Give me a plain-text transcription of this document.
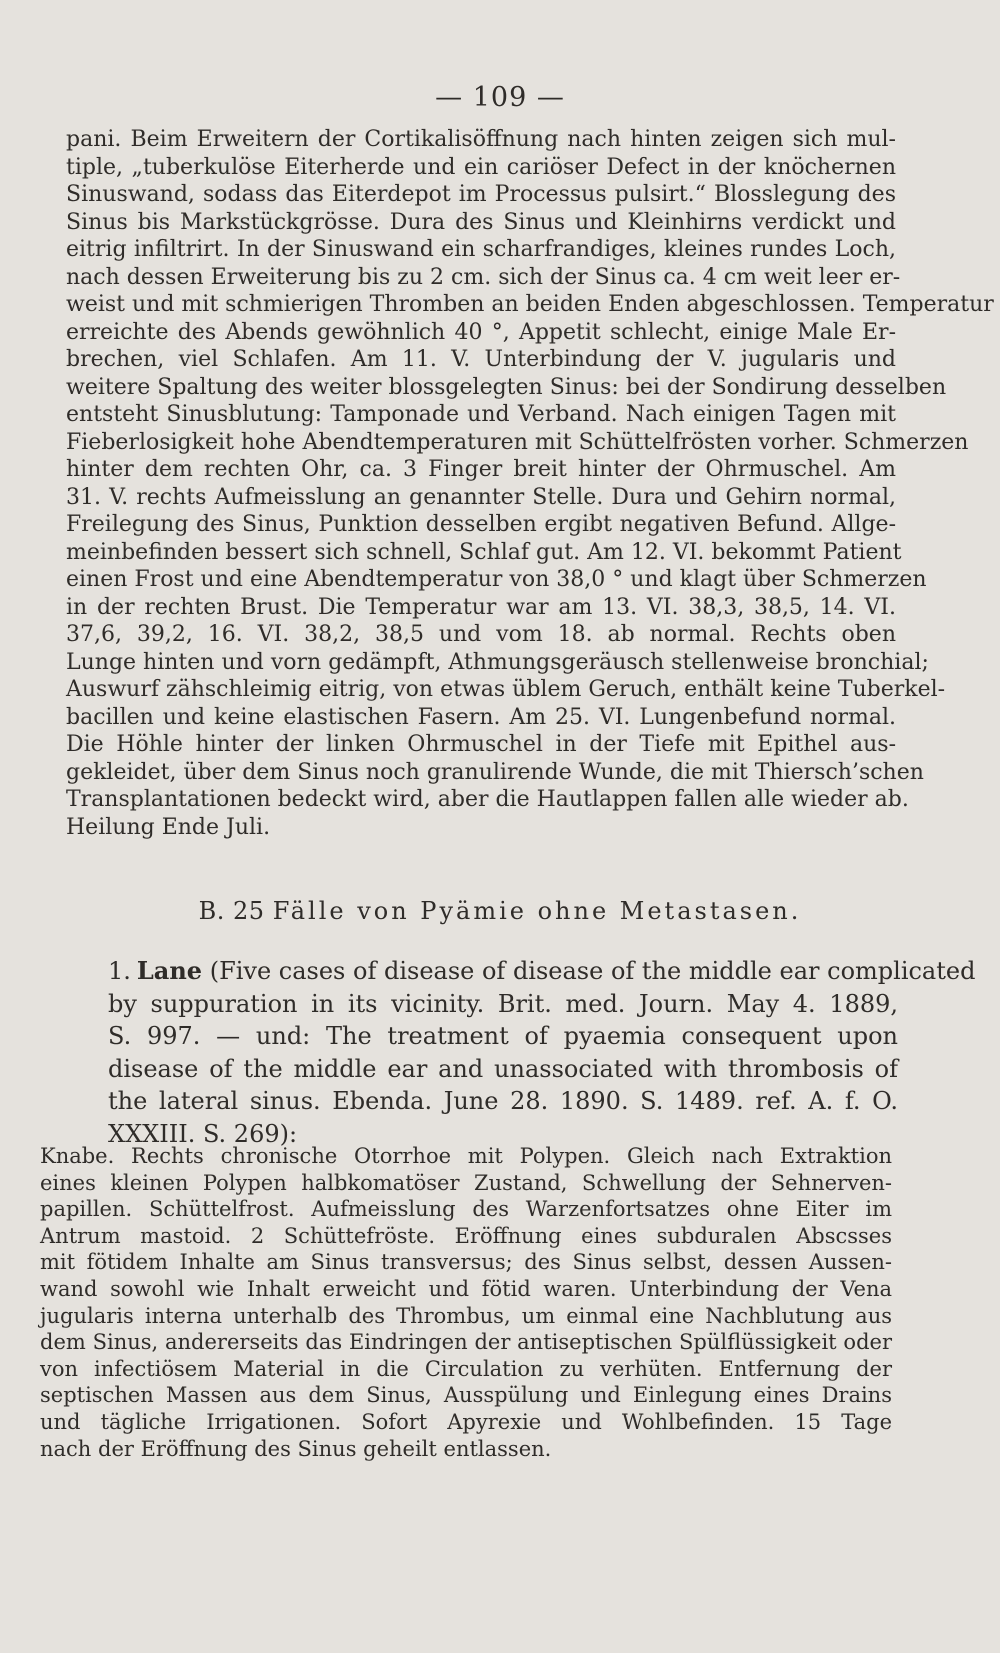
— 109 —

pani. Beim Erweitern der Cortikalisöffnung nach hinten zeigen sich mul-
tiple, „tuberkulöse Eiterherde und ein cariöser Defect in der knöchernen
Sinuswand, sodass das Eiterdepot im Processus pulsirt.“ Blosslegung des
Sinus bis Markstückgrösse. Dura des Sinus und Kleinhirns verdickt und
eitrig infiltrirt. In der Sinuswand ein scharfrandiges, kleines rundes Loch,
nach dessen Erweiterung bis zu 2 cm. sich der Sinus ca. 4 cm weit leer er-
weist und mit schmierigen Thromben an beiden Enden abgeschlossen. Temperatur
erreichte des Abends gewöhnlich 40 °, Appetit schlecht, einige Male Er-
brechen, viel Schlafen. Am 11. V. Unterbindung der V. jugularis und
weitere Spaltung des weiter blossgelegten Sinus: bei der Sondirung desselben
entsteht Sinusblutung: Tamponade und Verband. Nach einigen Tagen mit
Fieberlosigkeit hohe Abendtemperaturen mit Schüttelfrösten vorher. Schmerzen
hinter dem rechten Ohr, ca. 3 Finger breit hinter der Ohrmuschel. Am
31. V. rechts Aufmeisslung an genannter Stelle. Dura und Gehirn normal,
Freilegung des Sinus, Punktion desselben ergibt negativen Befund. Allge-
meinbefinden bessert sich schnell, Schlaf gut. Am 12. VI. bekommt Patient
einen Frost und eine Abendtemperatur von 38,0 ° und klagt über Schmerzen
in der rechten Brust. Die Temperatur war am 13. VI. 38,3, 38,5, 14. VI.
37,6, 39,2, 16. VI. 38,2, 38,5 und vom 18. ab normal. Rechts oben
Lunge hinten und vorn gedämpft, Athmungsgeräusch stellenweise bronchial;
Auswurf zähschleimig eitrig, von etwas üblem Geruch, enthält keine Tuberkel-
bacillen und keine elastischen Fasern. Am 25. VI. Lungenbefund normal.
Die Höhle hinter der linken Ohrmuschel in der Tiefe mit Epithel aus-
gekleidet, über dem Sinus noch granulirende Wunde, die mit Thiersch’schen
Transplantationen bedeckt wird, aber die Hautlappen fallen alle wieder ab.
Heilung Ende Juli.

B. 25 Fälle von Pyämie ohne Metastasen.
1. Lane (Five cases of disease of disease of the middle ear complicated
by suppuration in its vicinity. Brit. med. Journ. May 4. 1889,
S. 997. — und: The treatment of pyaemia consequent upon
disease of the middle ear and unassociated with thrombosis of
the lateral sinus. Ebenda. June 28. 1890. S. 1489. ref. A. f. O.
XXXIII. S. 269):

Knabe. Rechts chronische Otorrhoe mit Polypen. Gleich nach Extraktion
eines kleinen Polypen halbkomatöser Zustand, Schwellung der Sehnerven-
papillen. Schüttelfrost. Aufmeisslung des Warzenfortsatzes ohne Eiter im
Antrum mastoid. 2 Schüttefröste. Eröffnung eines subduralen Abscsses
mit fötidem Inhalte am Sinus transversus; des Sinus selbst, dessen Aussen-
wand sowohl wie Inhalt erweicht und fötid waren. Unterbindung der Vena
jugularis interna unterhalb des Thrombus, um einmal eine Nachblutung aus
dem Sinus, andererseits das Eindringen der antiseptischen Spülflüssigkeit oder
von infectiösem Material in die Circulation zu verhüten. Entfernung der
septischen Massen aus dem Sinus, Ausspülung und Einlegung eines Drains
und tägliche Irrigationen. Sofort Apyrexie und Wohlbefinden. 15 Tage
nach der Eröffnung des Sinus geheilt entlassen.
